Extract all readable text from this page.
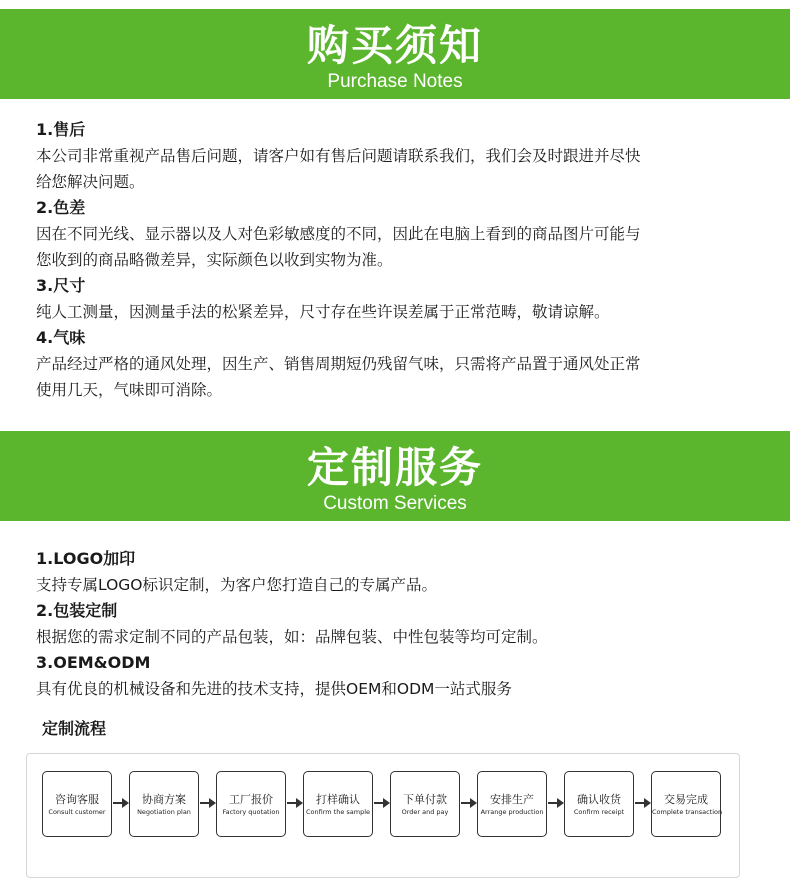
购买须知
Purchase Notes
1.售后
本公司非常重视产品售后问题，请客户如有售后问题请联系我们，我们会及时跟进并尽快
给您解决问题。
2.色差
因在不同光线、显示器以及人对色彩敏感度的不同，因此在电脑上看到的商品图片可能与
您收到的商品略微差异，实际颜色以收到实物为准。
3.尺寸
纯人工测量，因测量手法的松紧差异，尺寸存在些许误差属于正常范畴，敬请谅解。
4.气味
产品经过严格的通风处理，因生产、销售周期短仍残留气味，只需将产品置于通风处正常
使用几天，气味即可消除。
定制服务
Custom Services
1.LOGO加印
支持专属LOGO标识定制，为客户您打造自己的专属产品。
2.包装定制
根据您的需求定制不同的产品包装，如：品牌包装、中性包装等均可定制。
3.OEM&ODM
具有优良的机械设备和先进的技术支持，提供OEM和ODM一站式服务
定制流程
咨询客服
Consult customer
协商方案
Negotiation plan
工厂报价
Factory quotation
打样确认
Confirm the sample
下单付款
Order and pay
安排生产
Arrange production
确认收货
Confirm receipt
交易完成
Complete transaction
